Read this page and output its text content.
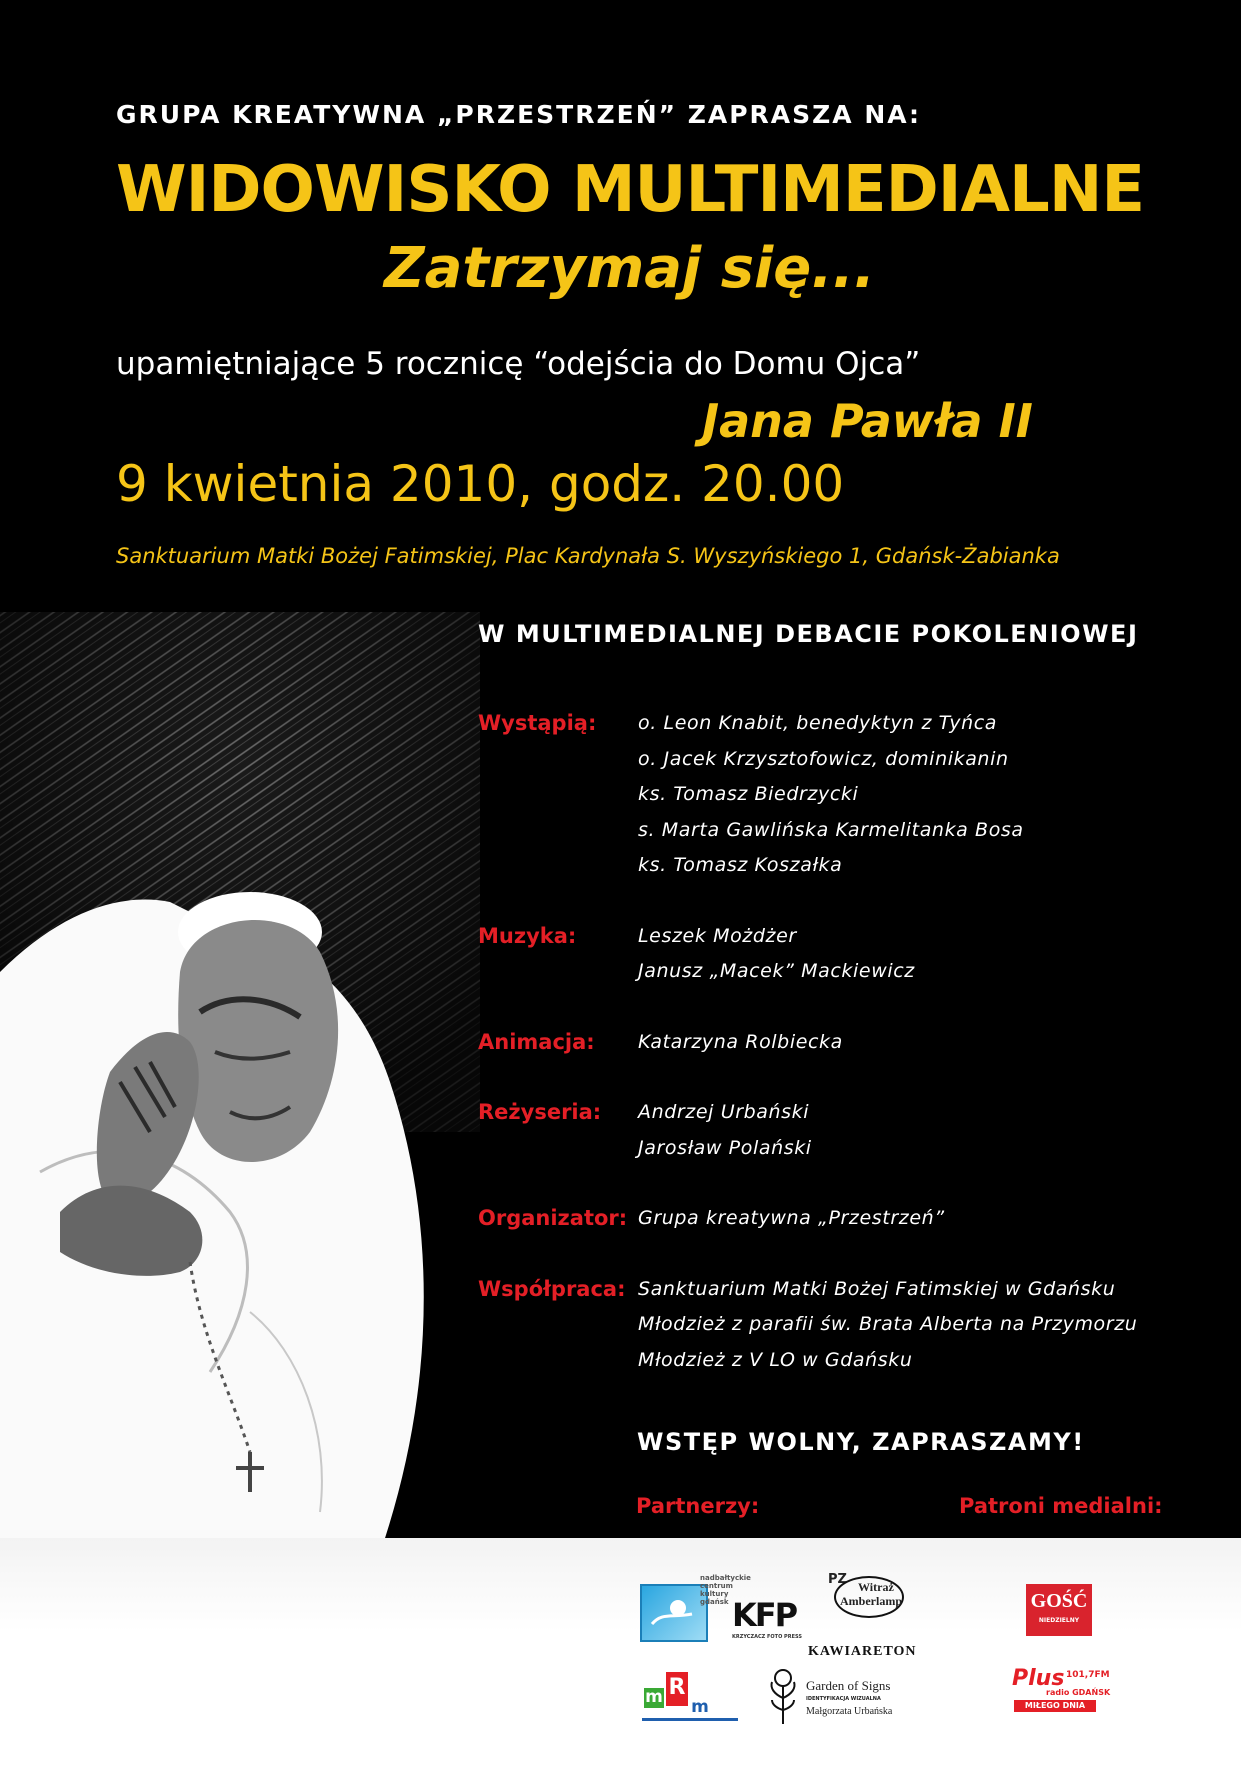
GRUPA KREATYWNA „PRZESTRZEŃ” ZAPRASZA NA:
WIDOWISKO MULTIMEDIALNE
Zatrzymaj się...
upamiętniające 5 rocznicę “odejścia do Domu Ojca”
Jana Pawła II
9 kwietnia 2010, godz. 20.00
Sanktuarium Matki Bożej Fatimskiej, Plac Kardynała S. Wyszyńskiego 1, Gdańsk-Żabianka
W MULTIMEDIALNEJ DEBACIE POKOLENIOWEJ
Wystąpią:	o. Leon Knabit, benedyktyn z Tyńca
o. Jacek Krzysztofowicz, dominikanin
ks. Tomasz Biedrzycki
s. Marta Gawlińska Karmelitanka Bosa
ks. Tomasz Koszałka
Muzyka:	Leszek Możdżer
Janusz „Macek” Mackiewicz
Animacja:	Katarzyna Rolbiecka
Reżyseria:	Andrzej Urbański
Jarosław Polański
Organizator: Grupa kreatywna „Przestrzeń”
Współpraca: Sanktuarium Matki Bożej Fatimskiej w Gdańsku
Młodzież z parafii św. Brata Alberta na Przymorzu
Młodzież z V LO w Gdańsku
WSTĘP WOLNY, ZAPRASZAMY!
Partnerzy:	Patroni medialni:
nadbałtyckie centrum kultury gdańsk KFP
KRZYCZACZ FOTO PRESS
PZ Witraż
Amberlamp
KAWIARETON
m R
m
Garden of Signs
IDENTYFIKACJA WIZUALNA
Małgorzata Urbańska
GOŚĆ
NIEDZIELNY
Plus 101,7FM
radio GDAŃSK
MIŁEGO DNIA
